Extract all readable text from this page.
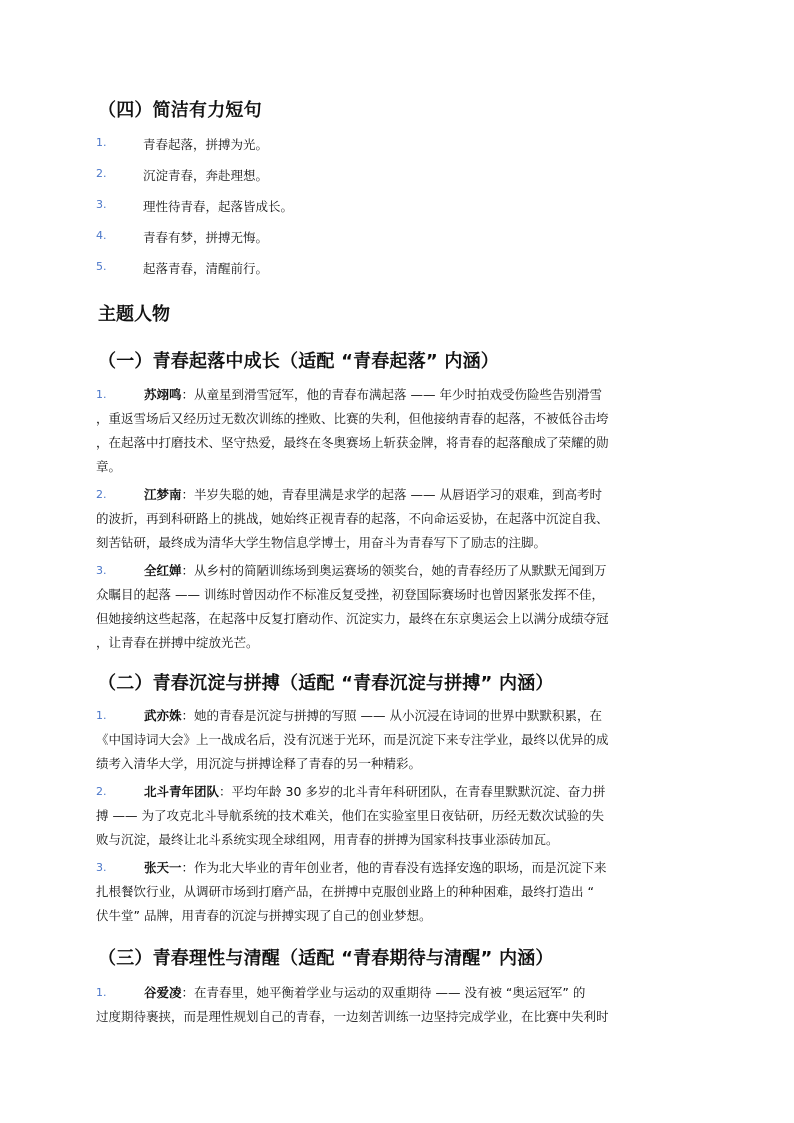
（四）简洁有力短句
1.	青春起落，拼搏为光。
2.	沉淀青春，奔赴理想。
3.	理性待青春，起落皆成长。
4.	青春有梦，拼搏无悔。
5.	起落青春，清醒前行。
主题人物
（一）青春起落中成长（适配 “青春起落” 内涵）
1.	苏翊鸣：从童星到滑雪冠军，他的青春布满起落 —— 年少时拍戏受伤险些告别滑雪
，重返雪场后又经历过无数次训练的挫败、比赛的失利，但他接纳青春的起落，不被低谷击垮
，在起落中打磨技术、坚守热爱，最终在冬奥赛场上斩获金牌，将青春的起落酿成了荣耀的勋
章。
2.	江梦南：半岁失聪的她，青春里满是求学的起落 —— 从唇语学习的艰难，到高考时
的波折，再到科研路上的挑战，她始终正视青春的起落，不向命运妥协，在起落中沉淀自我、
刻苦钻研，最终成为清华大学生物信息学博士，用奋斗为青春写下了励志的注脚。
3.	全红婵：从乡村的简陋训练场到奥运赛场的领奖台，她的青春经历了从默默无闻到万
众瞩目的起落 —— 训练时曾因动作不标准反复受挫，初登国际赛场时也曾因紧张发挥不佳，
但她接纳这些起落，在起落中反复打磨动作、沉淀实力，最终在东京奥运会上以满分成绩夺冠
，让青春在拼搏中绽放光芒。
（二）青春沉淀与拼搏（适配 “青春沉淀与拼搏” 内涵）
1.	武亦姝：她的青春是沉淀与拼搏的写照 —— 从小沉浸在诗词的世界中默默积累，在
《中国诗词大会》上一战成名后，没有沉迷于光环，而是沉淀下来专注学业，最终以优异的成
绩考入清华大学，用沉淀与拼搏诠释了青春的另一种精彩。
2.	北斗青年团队：平均年龄 30 多岁的北斗青年科研团队，在青春里默默沉淀、奋力拼
搏 —— 为了攻克北斗导航系统的技术难关，他们在实验室里日夜钻研，历经无数次试验的失
败与沉淀，最终让北斗系统实现全球组网，用青春的拼搏为国家科技事业添砖加瓦。
3.	张天一：作为北大毕业的青年创业者，他的青春没有选择安逸的职场，而是沉淀下来
扎根餐饮行业，从调研市场到打磨产品，在拼搏中克服创业路上的种种困难，最终打造出 “
伏牛堂” 品牌，用青春的沉淀与拼搏实现了自己的创业梦想。
（三）青春理性与清醒（适配 “青春期待与清醒” 内涵）
1.	谷爱凌：在青春里，她平衡着学业与运动的双重期待 —— 没有被 “奥运冠军” 的
过度期待裹挟，而是理性规划自己的青春，一边刻苦训练一边坚持完成学业，在比赛中失利时
